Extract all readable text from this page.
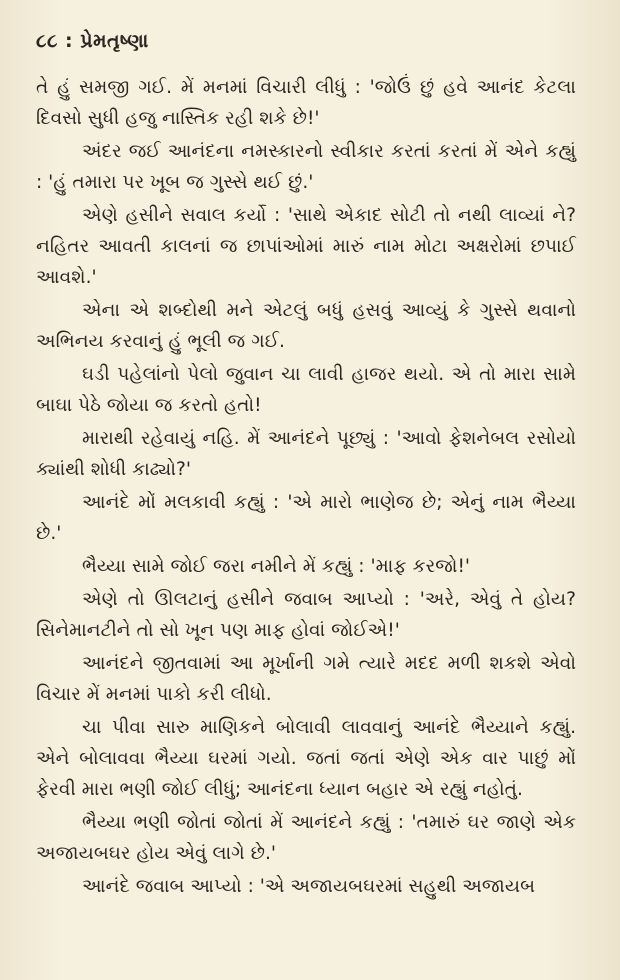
૮૮ : પ્રેમતૃષ્ણા

તે હું સમજી ગઈ. મેં મનમાં વિચારી લીધું : 'જોઉં છું હવે આનંદ કેટલા દિવસો સુધી હજુ નાસ્તિક રહી શકે છે!'

અંદર જઈ આનંદના નમસ્કારનો સ્વીકાર કરતાં કરતાં મેં એને કહ્યું : 'હું તમારા પર ખૂબ જ ગુસ્સે થઈ છું.'

એણે હસીને સવાલ કર્યો : 'સાથે એકાદ સોટી તો નથી લાવ્યાં ને? નહિતર આવતી કાલનાં જ છાપાંઓમાં મારું નામ મોટા અક્ષરોમાં છપાઈ આવશે.'

એના એ શબ્દોથી મને એટલું બધું હસવું આવ્યું કે ગુસ્સે થવાનો અભિનય કરવાનું હું ભૂલી જ ગઈ.

ઘડી પહેલાંનો પેલો જુવાન ચા લાવી હાજર થયો. એ તો મારા સામે બાઘા પેઠે જોયા જ કરતો હતો!

મારાથી રહેવાયું નહિ. મેં આનંદને પૂછ્યું : 'આવો ફેશનેબલ રસોયો ક્યાંથી શોધી કાઢ્યો?'

આનંદે મોં મલકાવી કહ્યું : 'એ મારો ભાણેજ છે; એનું નામ ભૈય્યા છે.'

ભૈય્યા સામે જોઈ જરા નમીને મેં કહ્યું : 'માફ કરજો!'

એણે તો ઊલટાનું હસીને જવાબ આપ્યો : 'અરે, એવું તે હોય? સિનેમાનટીને તો સો ખૂન પણ માફ હોવાં જોઈએ!'

આનંદને જીતવામાં આ મૂર્ખાની ગમે ત્યારે મદદ મળી શકશે એવો વિચાર મેં મનમાં પાકો કરી લીધો.

ચા પીવા સારુ માણિકને બોલાવી લાવવાનું આનંદે ભૈય્યાને કહ્યું. એને બોલાવવા ભૈય્યા ઘરમાં ગયો. જતાં જતાં એણે એક વાર પાછું મોં ફેરવી મારા ભણી જોઈ લીધું; આનંદના ધ્યાન બહાર એ રહ્યું નહોતું.

ભૈય્યા ભણી જોતાં જોતાં મેં આનંદને કહ્યું : 'તમારું ઘર જાણે એક અજાયબઘર હોય એવું લાગે છે.'

આનંદે જવાબ આપ્યો : 'એ અજાયબઘરમાં સહુથી અજાયબ
